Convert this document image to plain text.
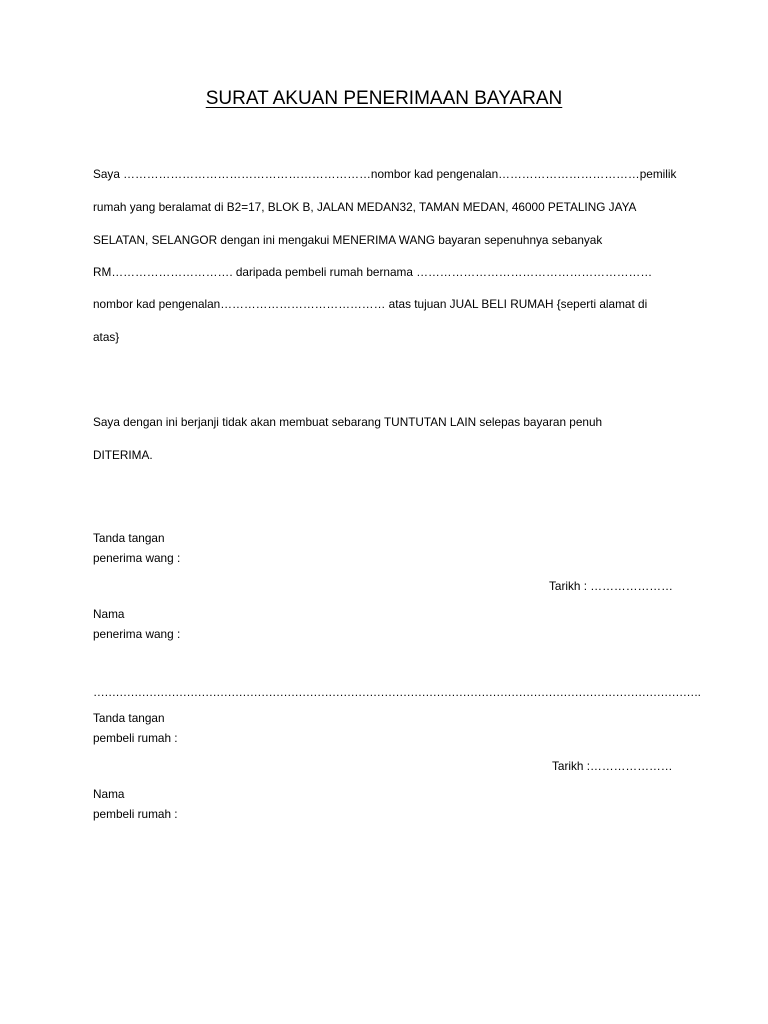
SURAT AKUAN PENERIMAAN BAYARAN
Saya ………………………………………………………nombor kad pengenalan………………………………pemilik
rumah yang beralamat di B2=17, BLOK B, JALAN MEDAN32, TAMAN MEDAN, 46000 PETALING JAYA
SELATAN, SELANGOR dengan ini mengakui MENERIMA WANG bayaran sepenuhnya sebanyak
RM…………………………. daripada pembeli rumah bernama ……………………………………………………
nombor kad pengenalan…………………………………… atas tujuan JUAL BELI RUMAH {seperti alamat di
atas}
Saya dengan ini berjanji tidak akan membuat sebarang TUNTUTAN LAIN selepas bayaran penuh
DITERIMA.
Tanda tangan
penerima wang :
Tarikh : …………………
Nama
penerima wang :
……………………………………………………………………………………………………………………………………………….
Tanda tangan
pembeli rumah :
Tarikh :…………………
Nama
pembeli rumah :
